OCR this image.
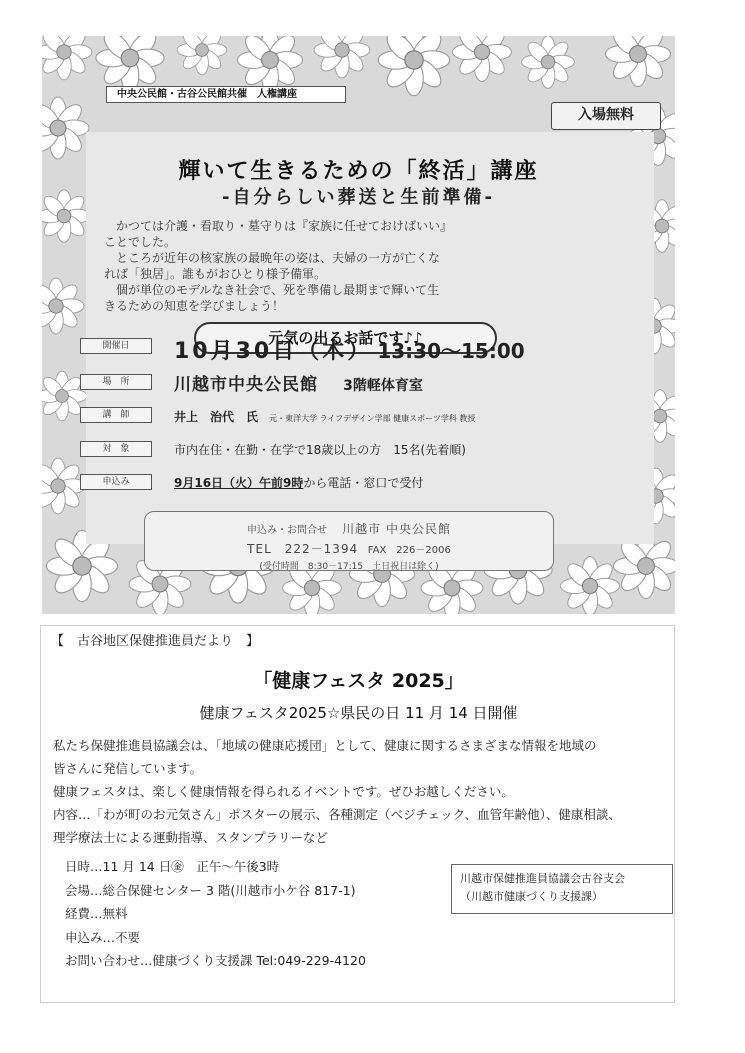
中央公民館・古谷公民館共催　人権講座
入場無料
輝いて生きるための「終活」講座
-自分らしい葬送と生前準備-

　かつては介護・看取り・墓守りは『家族に任せておけばいい』

ことでした。

　ところが近年の核家族の最晩年の姿は、夫婦の一方が亡くな

れば「独居」。誰もがおひとり様予備軍。

　個が単位のモデルなき社会で、死を準備し最期まで輝いて生

きるための知恵を学びましょう！

元気の出るお話です♪♪
開催日	10月30日（木） 13:30～15:00
場　所	川越市中央公民館 3階軽体育室
講　師	井上　治代　氏 元・東洋大学 ライフデザイン学部 健康スポーツ学科 教授
対　象	市内在住・在勤・在学で18歳以上の方　15名(先着順)
申込み	9月16日（火）午前9時から電話・窓口で受付
申込み・お問合せ 川越市 中央公民館
TEL　222－1394 FAX　226－2006
(受付時間　8:30－17:15　土日祝日は除く)
【　古谷地区保健推進員だより　】
「健康フェスタ 2025」
健康フェスタ2025☆県民の日 11 月 14 日開催

私たち保健推進員協議会は、「地域の健康応援団」として、健康に関するさまざまな情報を地域の

皆さんに発信しています。

健康フェスタは、楽しく健康情報を得られるイベントです。ぜひお越しください。

内容…「わが町のお元気さん」ポスターの展示、各種測定（ベジチェック、血管年齢他）、健康相談、

理学療法士による運動指導、スタンプラリーなど

日時…11 月 14 日㊎　正午～午後3時

会場…総合保健センター 3 階(川越市小ケ谷 817-1)

経費…無料

申込み…不要

お問い合わせ…健康づくり支援課 Tel:049-229-4120

川越市保健推進員協議会古谷支会
（川越市健康づくり支援課）
